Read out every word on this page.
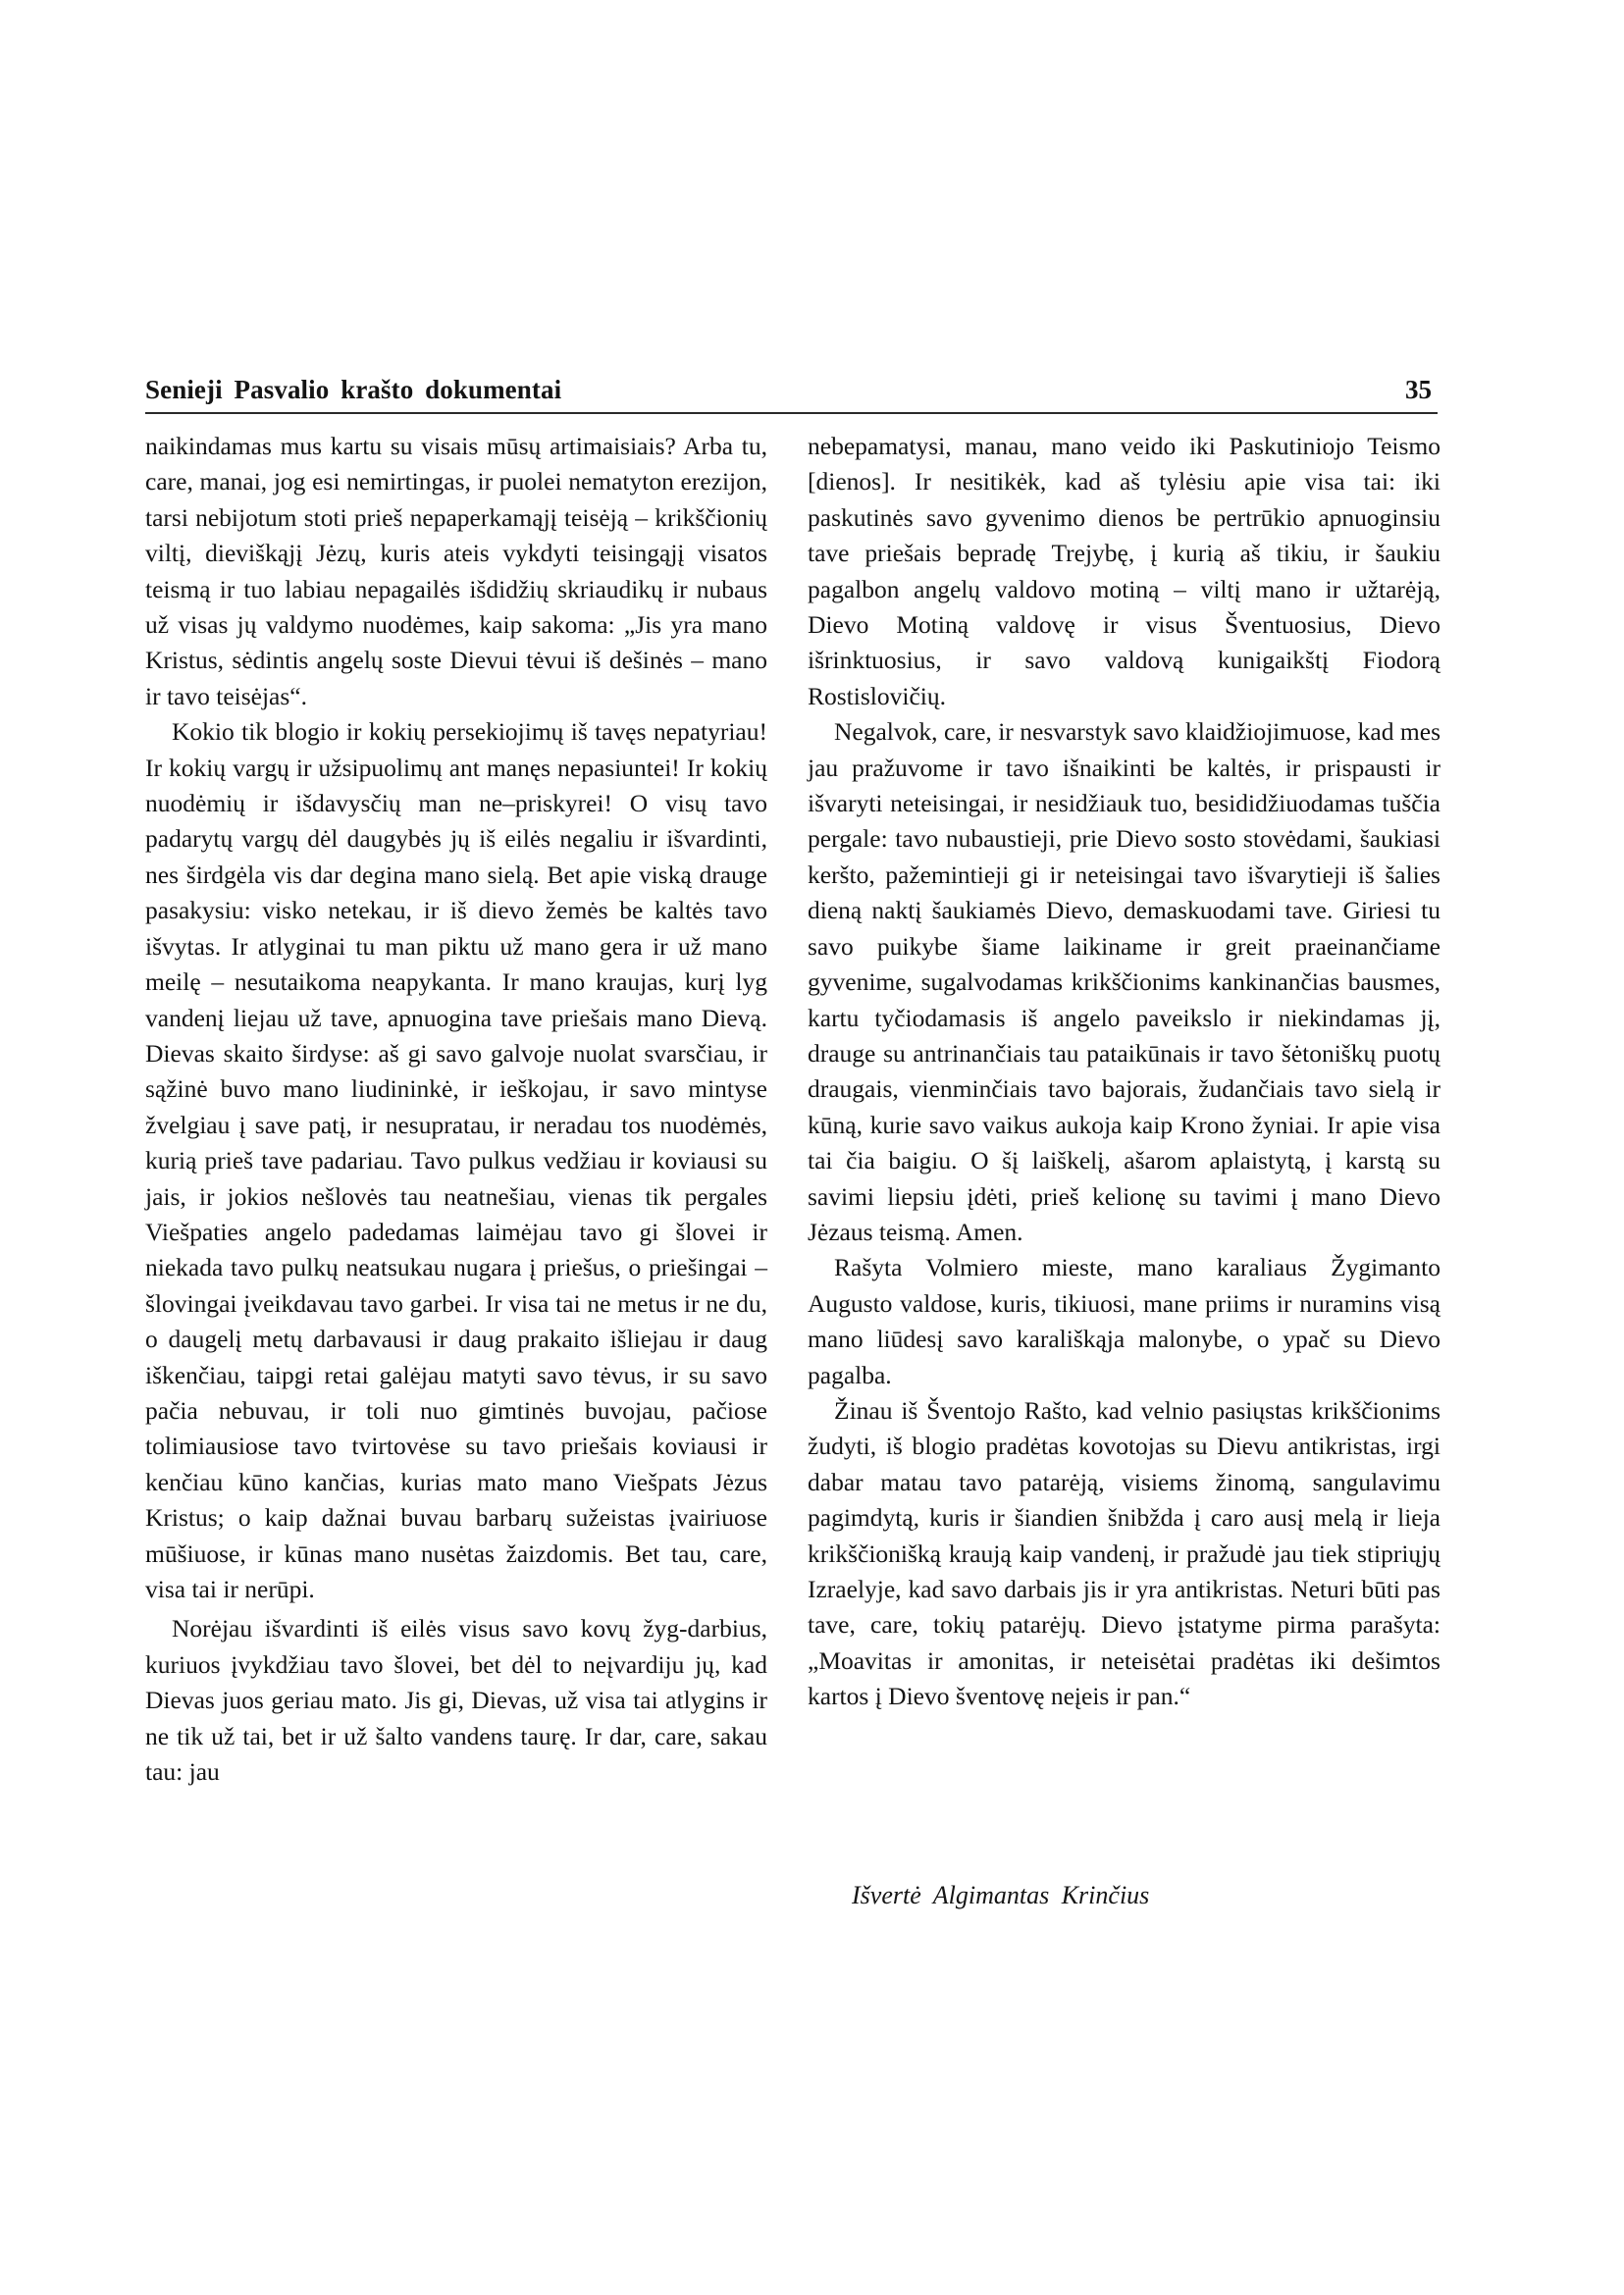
Senieji Pasvalio krašto dokumentai	35

naikindamas mus kartu su visais mūsų artimaisiais? Arba tu, care, manai, jog esi nemirtingas, ir puolei nematyton erezijon, tarsi nebijotum stoti prieš nepaperkamąjį teisėją – krikščionių viltį, dieviškąjį Jėzų, kuris ateis vykdyti teisingąjį visatos teismą ir tuo labiau nepagailės išdidžių skriaudikų ir nubaus už visas jų valdymo nuodėmes, kaip sakoma: „Jis yra mano Kristus, sėdintis angelų soste Dievui tėvui iš dešinės – mano ir tavo teisėjas“.

Kokio tik blogio ir kokių persekiojimų iš tavęs nepatyriau! Ir kokių vargų ir užsipuolimų ant manęs nepasiuntei! Ir kokių nuodėmių ir išdavysčių man ne–priskyrei! O visų tavo padarytų vargų dėl daugybės jų iš eilės negaliu ir išvardinti, nes širdgėla vis dar degina mano sielą. Bet apie viską drauge pasakysiu: visko netekau, ir iš dievo žemės be kaltės tavo išvytas. Ir atlyginai tu man piktu už mano gera ir už mano meilę – nesutaikoma neapykanta. Ir mano kraujas, kurį lyg vandenį liejau už tave, apnuogina tave priešais mano Dievą. Dievas skaito širdyse: aš gi savo galvoje nuolat svarsčiau, ir sąžinė buvo mano liudininkė, ir ieškojau, ir savo mintyse žvelgiau į save patį, ir nesupratau, ir neradau tos nuodėmės, kurią prieš tave padariau. Tavo pulkus vedžiau ir koviausi su jais, ir jokios nešlovės tau neatnešiau, vienas tik pergales Viešpaties angelo padedamas laimėjau tavo gi šlovei ir niekada tavo pulkų neatsukau nugara į priešus, o priešingai – šlovingai įveikdavau tavo garbei. Ir visa tai ne metus ir ne du, o daugelį metų darbavausi ir daug prakaito išliejau ir daug iškenčiau, taipgi retai galėjau matyti savo tėvus, ir su savo pačia nebuvau, ir toli nuo gimtinės buvojau, pačiose tolimiausiose tavo tvirtovėse su tavo priešais koviausi ir kenčiau kūno kančias, kurias mato mano Viešpats Jėzus Kristus; o kaip dažnai buvau barbarų sužeistas įvairiuose mūšiuose, ir kūnas mano nusėtas žaizdomis. Bet tau, care, visa tai ir nerūpi.

Norėjau išvardinti iš eilės visus savo kovų žyg-darbius, kuriuos įvykdžiau tavo šlovei, bet dėl to neįvardiju jų, kad Dievas juos geriau mato. Jis gi, Dievas, už visa tai atlygins ir ne tik už tai, bet ir už šalto vandens taurę. Ir dar, care, sakau tau: jau

nebepamatysi, manau, mano veido iki Paskutiniojo Teismo [dienos]. Ir nesitikėk, kad aš tylėsiu apie visa tai: iki paskutinės savo gyvenimo dienos be pertrūkio apnuoginsiu tave priešais bepradę Trejybę, į kurią aš tikiu, ir šaukiu pagalbon angelų valdovo motiną – viltį mano ir užtarėją, Dievo Motiną valdovę ir visus Šventuosius, Dievo išrinktuosius, ir savo valdovą kunigaikštį Fiodorą Rostislovičių.

Negalvok, care, ir nesvarstyk savo klaidžiojimuose, kad mes jau pražuvome ir tavo išnaikinti be kaltės, ir prispausti ir išvaryti neteisingai, ir nesidžiauk tuo, besididžiuodamas tuščia pergale: tavo nubaustieji, prie Dievo sosto stovėdami, šaukiasi keršto, pažemintieji gi ir neteisingai tavo išvarytieji iš šalies dieną naktį šaukiamės Dievo, demaskuodami tave. Giriesi tu savo puikybe šiame laikiname ir greit praeinančiame gyvenime, sugalvodamas krikščionims kankinančias bausmes, kartu tyčiodamasis iš angelo paveikslo ir niekindamas jį, drauge su antrinančiais tau pataikūnais ir tavo šėtoniškų puotų draugais, vienminčiais tavo bajorais, žudančiais tavo sielą ir kūną, kurie savo vaikus aukoja kaip Krono žyniai. Ir apie visa tai čia baigiu. O šį laiškelį, ašarom aplaistytą, į karstą su savimi liepsiu įdėti, prieš kelionę su tavimi į mano Dievo Jėzaus teismą. Amen.

Rašyta Volmiero mieste, mano karaliaus Žygimanto Augusto valdose, kuris, tikiuosi, mane priims ir nuramins visą mano liūdesį savo karališkąja malonybe, o ypač su Dievo pagalba.

Žinau iš Šventojo Rašto, kad velnio pasiųstas krikščionims žudyti, iš blogio pradėtas kovotojas su Dievu antikristas, irgi dabar matau tavo patarėją, visiems žinomą, sangulavimu pagimdytą, kuris ir šiandien šnibžda į caro ausį melą ir lieja krikščionišką kraują kaip vandenį, ir pražudė jau tiek stipriųjų Izraelyje, kad savo darbais jis ir yra antikristas. Neturi būti pas tave, care, tokių patarėjų. Dievo įstatyme pirma parašyta: „Moavitas ir amonitas, ir neteisėtai pradėtas iki dešimtos kartos į Dievo šventovę neįeis ir pan.“

Išvertė Algimantas Krinčius
